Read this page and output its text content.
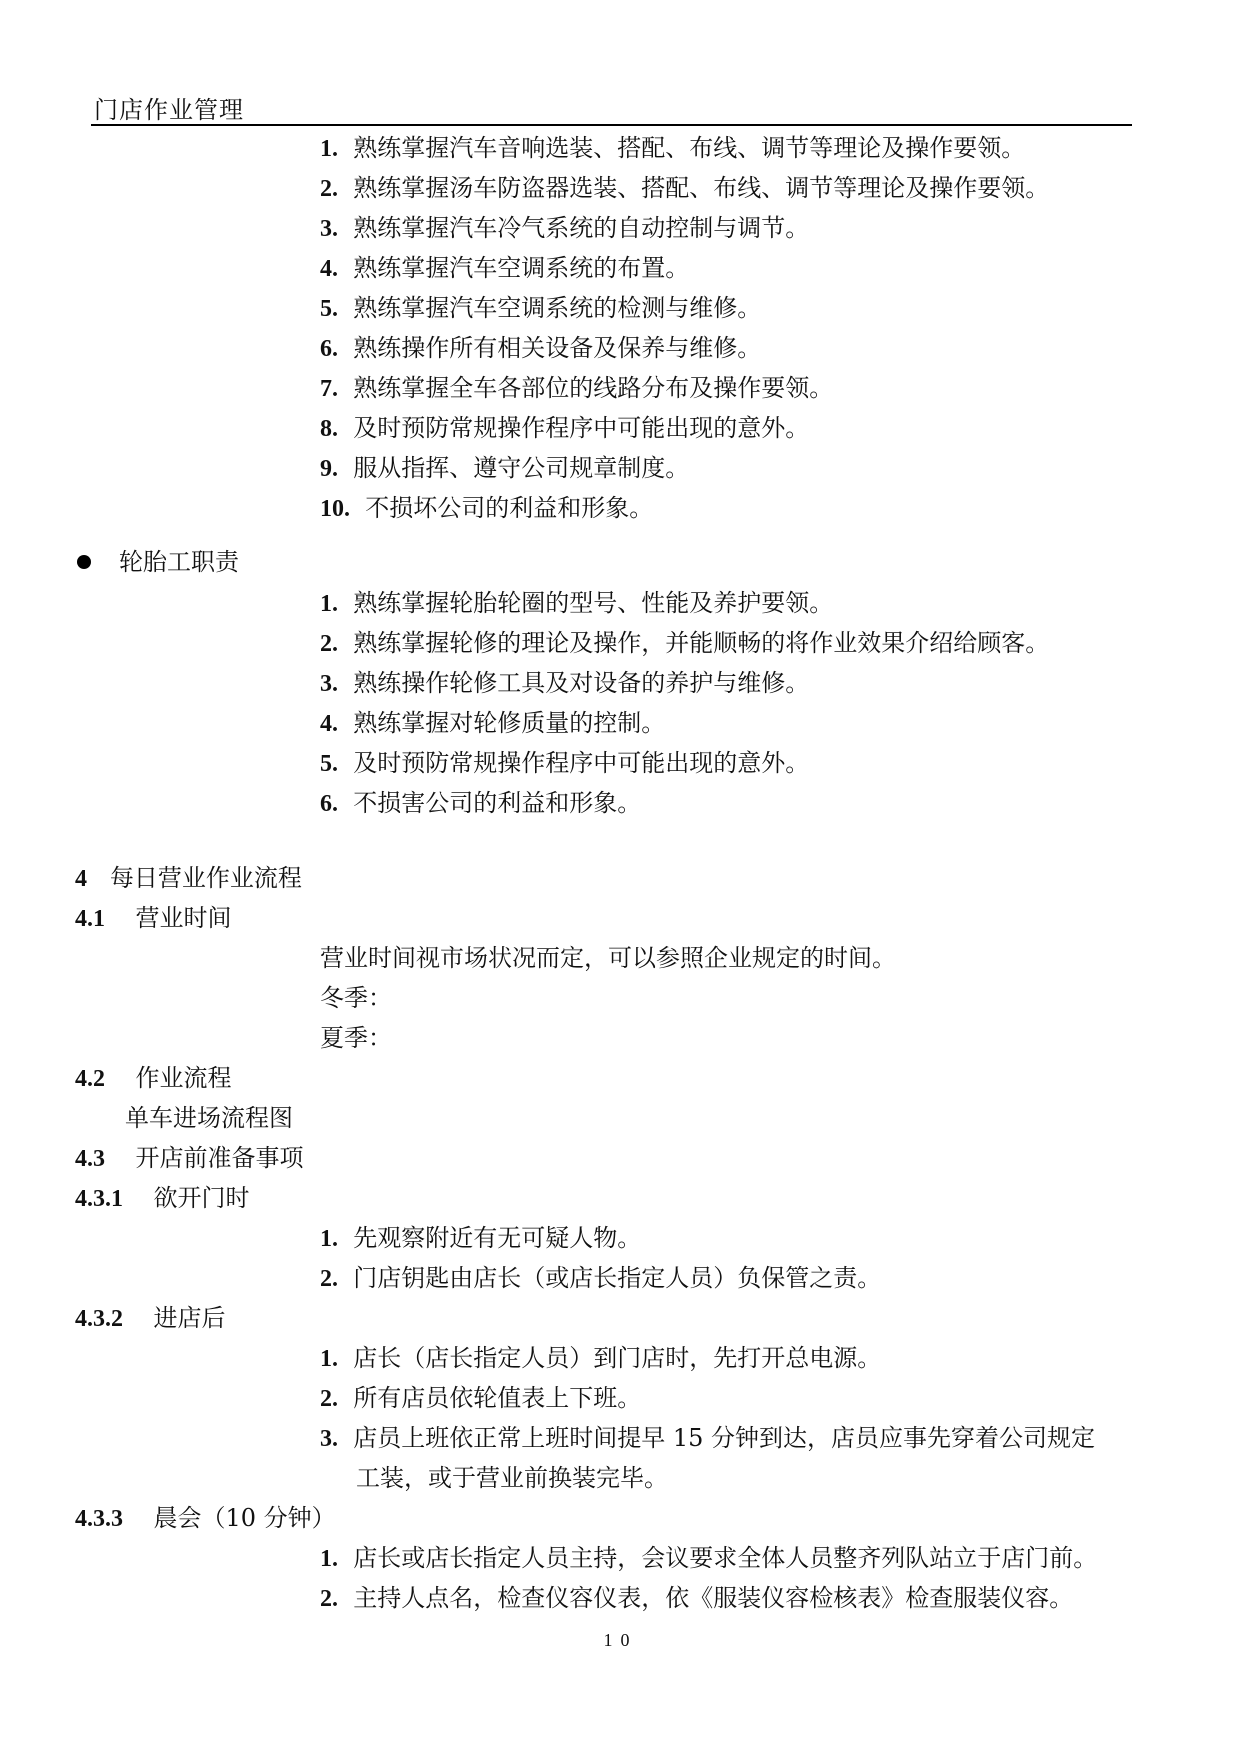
门店作业管理
1. 熟练掌握汽车音响选装、搭配、布线、调节等理论及操作要领。
2. 熟练掌握汤车防盗器选装、搭配、布线、调节等理论及操作要领。
3. 熟练掌握汽车冷气系统的自动控制与调节。
4. 熟练掌握汽车空调系统的布置。
5. 熟练掌握汽车空调系统的检测与维修。
6. 熟练操作所有相关设备及保养与维修。
7. 熟练掌握全车各部位的线路分布及操作要领。
8. 及时预防常规操作程序中可能出现的意外。
9. 服从指挥、遵守公司规章制度。
10. 不损坏公司的利益和形象。
轮胎工职责
1. 熟练掌握轮胎轮圈的型号、性能及养护要领。
2. 熟练掌握轮修的理论及操作，并能顺畅的将作业效果介绍给顾客。
3. 熟练操作轮修工具及对设备的养护与维修。
4. 熟练掌握对轮修质量的控制。
5. 及时预防常规操作程序中可能出现的意外。
6. 不损害公司的利益和形象。
4 每日营业作业流程
4.1 营业时间
营业时间视市场状况而定，可以参照企业规定的时间。
冬季：
夏季：
4.2 作业流程
单车进场流程图
4.3 开店前准备事项
4.3.1 欲开门时
1. 先观察附近有无可疑人物。
2. 门店钥匙由店长（或店长指定人员）负保管之责。
4.3.2 进店后
1. 店长（店长指定人员）到门店时，先打开总电源。
2. 所有店员依轮值表上下班。
3. 店员上班依正常上班时间提早 15 分钟到达，店员应事先穿着公司规定
工装，或于营业前换装完毕。
4.3.3 晨会（10 分钟）
1. 店长或店长指定人员主持，会议要求全体人员整齐列队站立于店门前。
2. 主持人点名，检查仪容仪表，依《服装仪容检核表》检查服装仪容。
10
